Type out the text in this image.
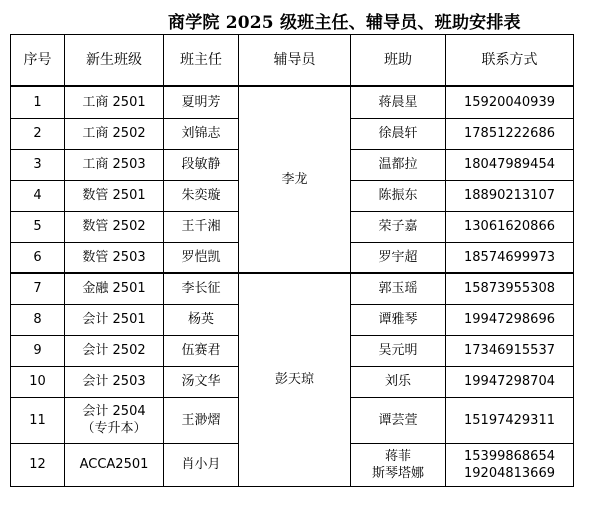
商学院 2025 级班主任、辅导员、班助安排表
序号	新生班级	班主任	辅导员	班助	联系方式
1	工商 2501	夏明芳	李龙	蒋晨星	15920040939
2	工商 2502	刘锦志		徐晨轩	17851222686
3	工商 2503	段敏静		温都拉	18047989454
4	数管 2501	朱奕璇		陈振东	18890213107
5	数管 2502	王千湘		荣子嘉	13061620866
6	数管 2503	罗恺凯		罗宇超	18574699973
7	金融 2501	李长征	彭天琼	郭玉瑶	15873955308
8	会计 2501	杨英		谭雅琴	19947298696
9	会计 2502	伍赛君		吴元明	17346915537
10	会计 2503	汤文华		刘乐	19947298704
11	会计 2504
（专升本）	王渺熠		谭芸萱	15197429311
12	ACCA2501	肖小月		蒋菲
斯琴塔娜	15399868654
19204813669
